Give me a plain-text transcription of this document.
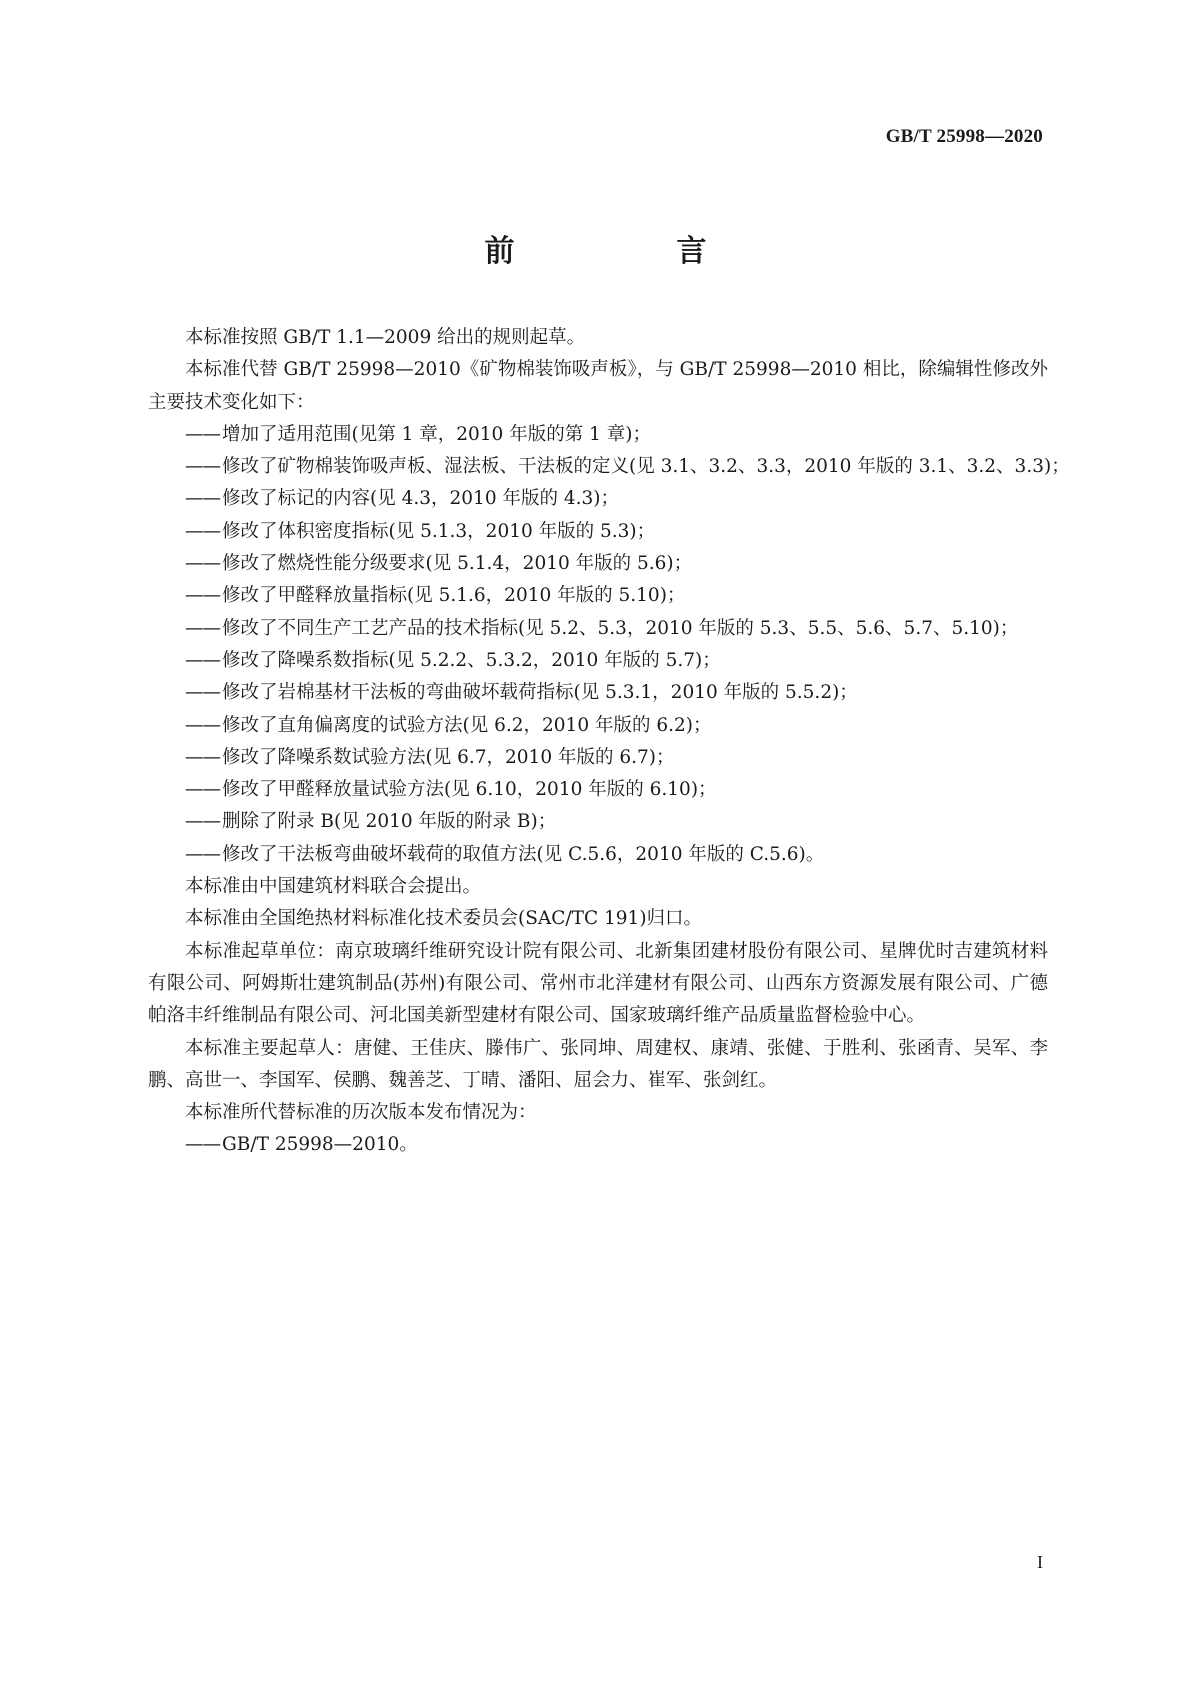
GB/T 25998—2020
前　　言

本标准按照 GB/T 1.1—2009 给出的规则起草。

本标准代替 GB/T 25998—2010《矿物棉装饰吸声板》，与 GB/T 25998—2010 相比，除编辑性修改外主要技术变化如下：

—— 增加了适用范围(见第 1 章，2010 年版的第 1 章)；

—— 修改了矿物棉装饰吸声板、湿法板、干法板的定义(见 3.1、3.2、3.3，2010 年版的 3.1、3.2、3.3)；

—— 修改了标记的内容(见 4.3，2010 年版的 4.3)；

—— 修改了体积密度指标(见 5.1.3，2010 年版的 5.3)；

—— 修改了燃烧性能分级要求(见 5.1.4，2010 年版的 5.6)；

—— 修改了甲醛释放量指标(见 5.1.6，2010 年版的 5.10)；

—— 修改了不同生产工艺产品的技术指标(见 5.2、5.3，2010 年版的 5.3、5.5、5.6、5.7、5.10)；

—— 修改了降噪系数指标(见 5.2.2、5.3.2，2010 年版的 5.7)；

—— 修改了岩棉基材干法板的弯曲破坏载荷指标(见 5.3.1，2010 年版的 5.5.2)；

—— 修改了直角偏离度的试验方法(见 6.2，2010 年版的 6.2)；

—— 修改了降噪系数试验方法(见 6.7，2010 年版的 6.7)；

—— 修改了甲醛释放量试验方法(见 6.10，2010 年版的 6.10)；

—— 删除了附录 B(见 2010 年版的附录 B)；

—— 修改了干法板弯曲破坏载荷的取值方法(见 C.5.6，2010 年版的 C.5.6)。

本标准由中国建筑材料联合会提出。

本标准由全国绝热材料标准化技术委员会(SAC/TC 191)归口。

本标准起草单位：南京玻璃纤维研究设计院有限公司、北新集团建材股份有限公司、星牌优时吉建筑材料有限公司、阿姆斯壮建筑制品(苏州)有限公司、常州市北洋建材有限公司、山西东方资源发展有限公司、广德帕洛丰纤维制品有限公司、河北国美新型建材有限公司、国家玻璃纤维产品质量监督检验中心。

本标准主要起草人：唐健、王佳庆、滕伟广、张同坤、周建权、康靖、张健、于胜利、张函青、吴军、李鹏、高世一、李国军、侯鹏、魏善芝、丁晴、潘阳、屈会力、崔军、张剑红。

本标准所代替标准的历次版本发布情况为：

—— GB/T 25998—2010。

I
